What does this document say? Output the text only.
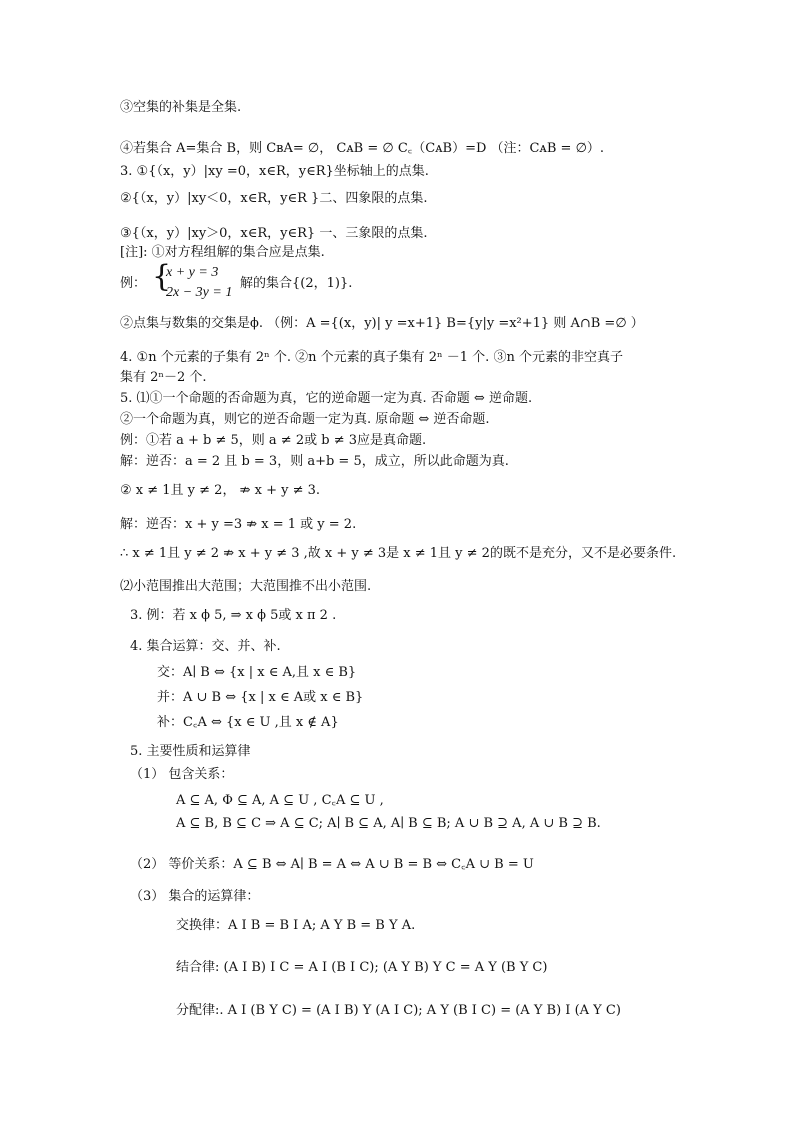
③空集的补集是全集.
④若集合 A=集合 B，则 CʙA= ∅， CᴀB = ∅ C꜀（CᴀB）=D （注：CᴀB = ∅）.
3. ①{（x，y）|xy =0，x∈R，y∈R}坐标轴上的点集.
②{（x，y）|xy＜0，x∈R，y∈R }二、四象限的点集.
③{（x，y）|xy＞0，x∈R，y∈R} 一、三象限的点集.
[注]: ①对方程组解的集合应是点集.
例： {
x + y = 3
2x − 3y = 1
解的集合{(2，1)}.
②点集与数集的交集是ϕ. （例：A ={(x，y)| y =x+1} B={y|y =x²+1} 则 A∩B =∅ ）
4. ①n 个元素的子集有 2ⁿ 个. ②n 个元素的真子集有 2ⁿ －1 个. ③n 个元素的非空真子
集有 2ⁿ－2 个.
5. ⑴①一个命题的否命题为真，它的逆命题一定为真. 否命题 ⇔ 逆命题.
②一个命题为真，则它的逆否命题一定为真. 原命题 ⇔ 逆否命题.
例：①若 a + b ≠ 5，则 a ≠ 2或 b ≠ 3应是真命题.
解：逆否：a = 2 且 b = 3，则 a+b = 5，成立，所以此命题为真.
② x ≠ 1且 y ≠ 2， ⇏ x + y ≠ 3.
解：逆否：x + y =3 ⇏ x = 1 或 y = 2.
∴ x ≠ 1且 y ≠ 2 ⇏ x + y ≠ 3 ,故 x + y ≠ 3是 x ≠ 1且 y ≠ 2的既不是充分，又不是必要条件.
⑵小范围推出大范围；大范围推不出小范围.
3. 例：若 x ϕ 5, ⇒ x ϕ 5或 x π 2 .
4. 集合运算：交、并、补.
交：A∣ B ⇔ {x | x ∈ A,且 x ∈ B}
并：A ∪ B ⇔ {x | x ∈ A或 x ∈ B}
补：C꜀A ⇔ {x ∈ U ,且 x ∉ A}
5. 主要性质和运算律
（1） 包含关系：
A ⊆ A, Φ ⊆ A, A ⊆ U , C꜀A ⊆ U ,
A ⊆ B, B ⊆ C ⇒ A ⊆ C; A∣ B ⊆ A, A∣ B ⊆ B; A ∪ B ⊇ A, A ∪ B ⊇ B.
（2） 等价关系：A ⊆ B ⇔ A∣ B = A ⇔ A ∪ B = B ⇔ C꜀A ∪ B = U
（3） 集合的运算律：
交换律：A I B = B I A; A Y B = B Y A.
结合律: (A I B) I C = A I (B I C); (A Y B) Y C = A Y (B Y C)
分配律:. A I (B Y C) = (A I B) Y (A I C); A Y (B I C) = (A Y B) I (A Y C)
